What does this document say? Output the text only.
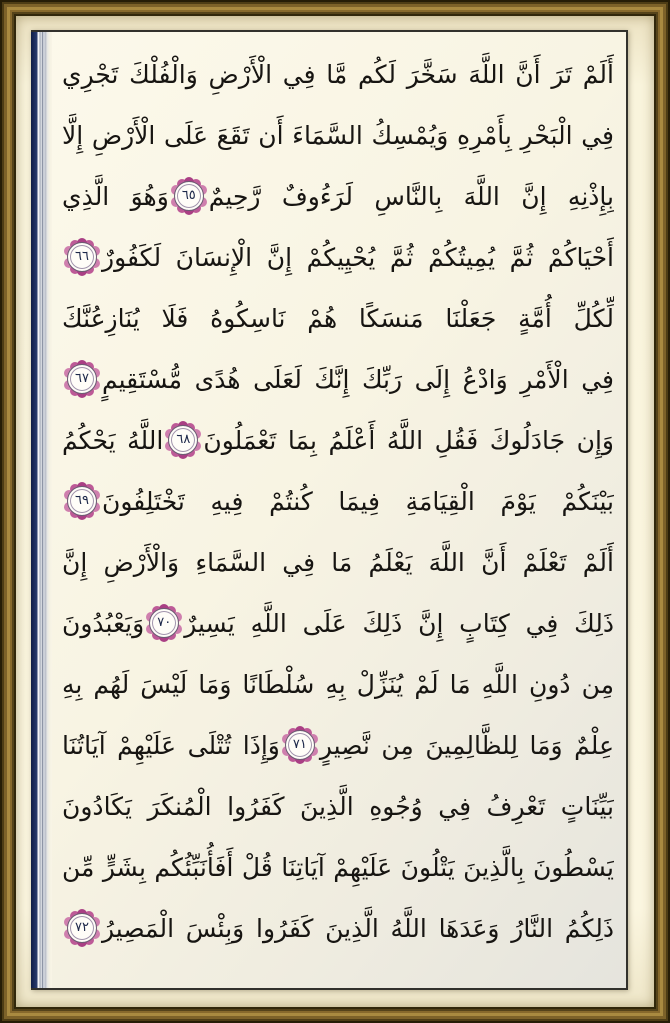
أَلَمْ تَرَ أَنَّ اللَّهَ سَخَّرَ لَكُم مَّا فِي الْأَرْضِ وَالْفُلْكَ تَجْرِي
فِي الْبَحْرِ بِأَمْرِهِ وَيُمْسِكُ السَّمَاءَ أَن تَقَعَ عَلَى الْأَرْضِ إِلَّا
بِإِذْنِهِ إِنَّ اللَّهَ بِالنَّاسِ لَرَءُوفٌ رَّحِيمٌ
٦٥
وَهُوَ الَّذِي
أَحْيَاكُمْ ثُمَّ يُمِيتُكُمْ ثُمَّ يُحْيِيكُمْ إِنَّ الْإِنسَانَ لَكَفُورٌ
٦٦
لِّكُلِّ أُمَّةٍ جَعَلْنَا مَنسَكًا هُمْ نَاسِكُوهُ فَلَا يُنَازِعُنَّكَ
فِي الْأَمْرِ وَادْعُ إِلَى رَبِّكَ إِنَّكَ لَعَلَى هُدًى مُّسْتَقِيمٍ
٦٧
وَإِن جَادَلُوكَ فَقُلِ اللَّهُ أَعْلَمُ بِمَا تَعْمَلُونَ
٦٨
اللَّهُ يَحْكُمُ
بَيْنَكُمْ يَوْمَ الْقِيَامَةِ فِيمَا كُنتُمْ فِيهِ تَخْتَلِفُونَ
٦٩
أَلَمْ تَعْلَمْ أَنَّ اللَّهَ يَعْلَمُ مَا فِي السَّمَاءِ وَالْأَرْضِ إِنَّ
ذَلِكَ فِي كِتَابٍ إِنَّ ذَلِكَ عَلَى اللَّهِ يَسِيرٌ
٧٠
وَيَعْبُدُونَ
مِن دُونِ اللَّهِ مَا لَمْ يُنَزِّلْ بِهِ سُلْطَانًا وَمَا لَيْسَ لَهُم بِهِ
عِلْمٌ وَمَا لِلظَّالِمِينَ مِن نَّصِيرٍ
٧١
وَإِذَا تُتْلَى عَلَيْهِمْ آيَاتُنَا
بَيِّنَاتٍ تَعْرِفُ فِي وُجُوهِ الَّذِينَ كَفَرُوا الْمُنكَرَ يَكَادُونَ
يَسْطُونَ بِالَّذِينَ يَتْلُونَ عَلَيْهِمْ آيَاتِنَا قُلْ أَفَأُنَبِّئُكُم بِشَرٍّ مِّن
ذَلِكُمُ النَّارُ وَعَدَهَا اللَّهُ الَّذِينَ كَفَرُوا وَبِئْسَ الْمَصِيرُ
٧٢
